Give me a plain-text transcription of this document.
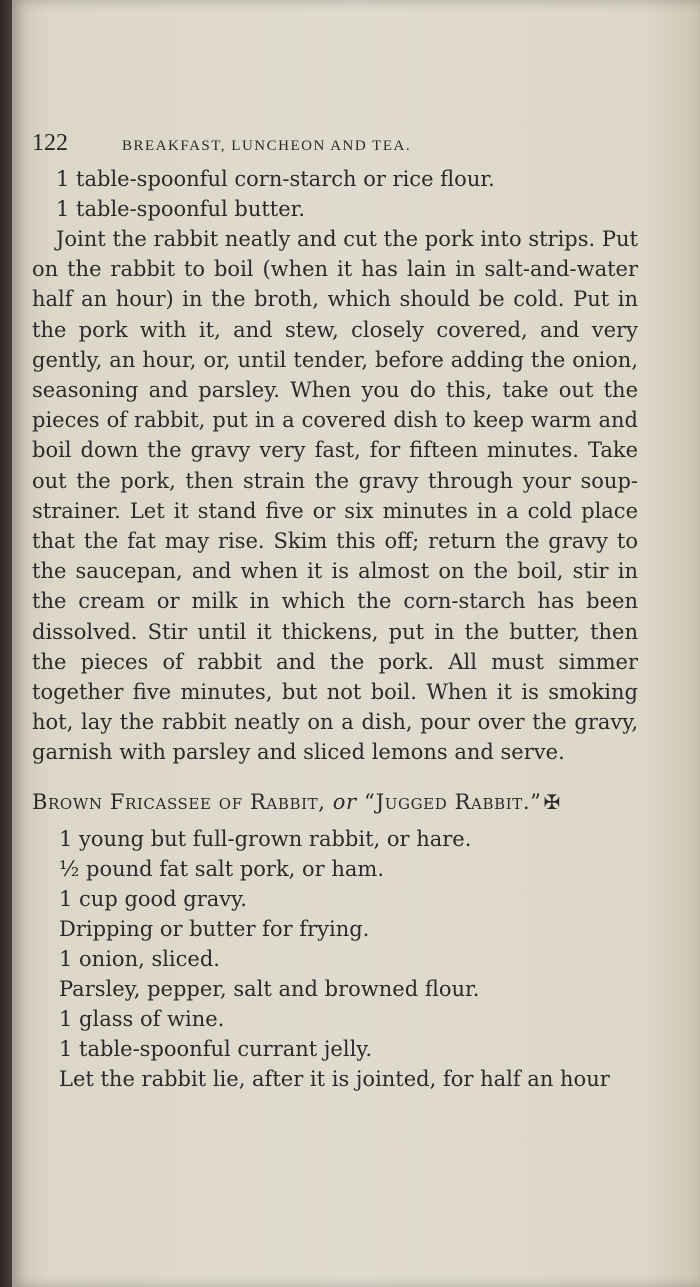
122	BREAKFAST, LUNCHEON AND TEA.
1 table-spoonful corn-starch or rice flour.
1 table-spoonful butter.

Joint the rabbit neatly and cut the pork into strips. Put on the rabbit to boil (when it has lain in salt-and-water half an hour) in the broth, which should be cold. Put in the pork with it, and stew, closely covered, and very gently, an hour, or, until tender, before adding the onion, seasoning and parsley. When you do this, take out the pieces of rabbit, put in a covered dish to keep warm and boil down the gravy very fast, for fifteen minutes. Take out the pork, then strain the gravy through your soup-strainer. Let it stand five or six minutes in a cold place that the fat may rise. Skim this off; return the gravy to the saucepan, and when it is almost on the boil, stir in the cream or milk in which the corn-starch has been dissolved. Stir until it thickens, put in the butter, then the pieces of rabbit and the pork. All must simmer together five minutes, but not boil. When it is smoking hot, lay the rabbit neatly on a dish, pour over the gravy, garnish with parsley and sliced lemons and serve.

Brown Fricassee of Rabbit, or “Jugged Rabbit.” ✠
1 young but full-grown rabbit, or hare.
½ pound fat salt pork, or ham.
1 cup good gravy.
Dripping or butter for frying.
1 onion, sliced.
Parsley, pepper, salt and browned flour.
1 glass of wine.
1 table-spoonful currant jelly.
Let the rabbit lie, after it is jointed, for half an hour
